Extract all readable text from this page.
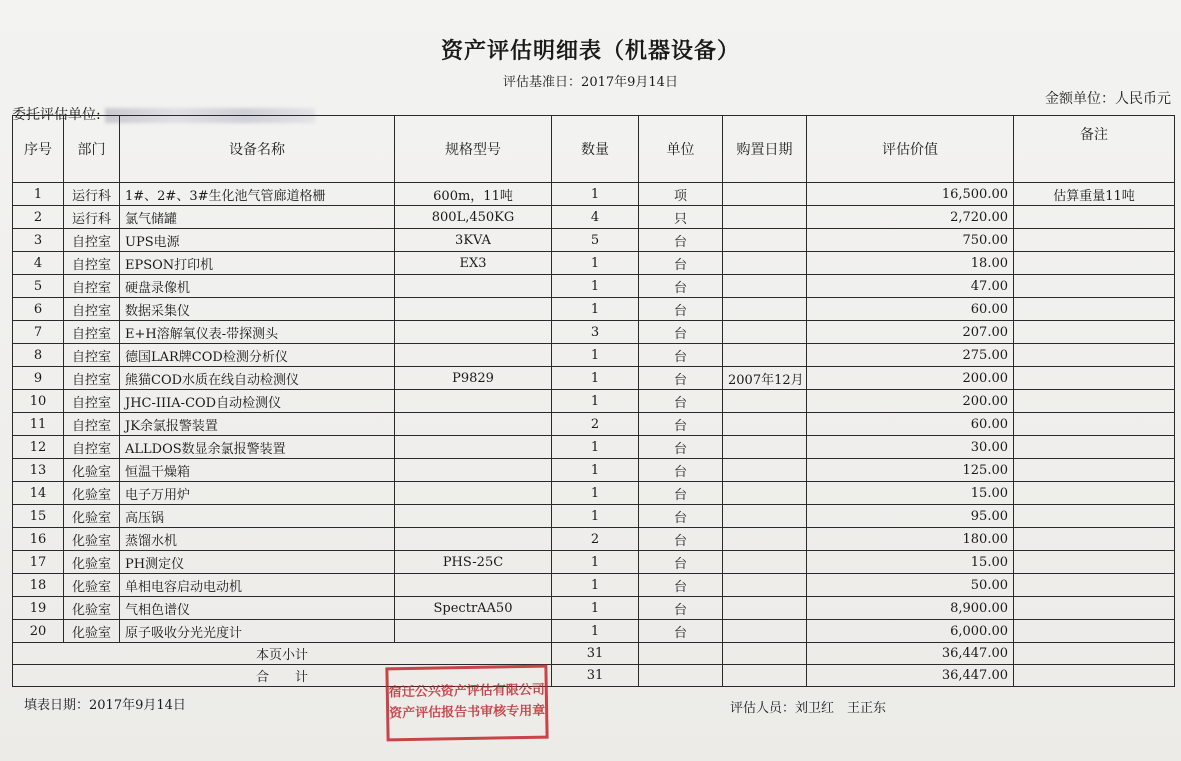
资产评估明细表（机器设备）
评估基准日：2017年9月14日
委托评估单位:
金额单位：人民币元
序号	部门	设备名称	规格型号	数量	单位	购置日期	评估价值	备注
1	运行科	1#、2#、3#生化池气管廊道格栅	600m，11吨	1	项		16,500.00	估算重量11吨
2	运行科	氯气储罐	800L,450KG	4	只		2,720.00	
3	自控室	UPS电源	3KVA	5	台		750.00	
4	自控室	EPSON打印机	EX3	1	台		18.00	
5	自控室	硬盘录像机		1	台		47.00	
6	自控室	数据采集仪		1	台		60.00	
7	自控室	E+H溶解氧仪表-带探测头		3	台		207.00	
8	自控室	德国LAR牌COD检测分析仪		1	台		275.00	
9	自控室	熊猫COD水质在线自动检测仪	P9829	1	台	2007年12月	200.00	
10	自控室	JHC-IIIA-COD自动检测仪		1	台		200.00	
11	自控室	JK余氯报警装置		2	台		60.00	
12	自控室	ALLDOS数显余氯报警装置		1	台		30.00	
13	化验室	恒温干燥箱		1	台		125.00	
14	化验室	电子万用炉		1	台		15.00	
15	化验室	高压锅		1	台		95.00	
16	化验室	蒸馏水机		2	台		180.00	
17	化验室	PH测定仪	PHS-25C	1	台		15.00	
18	化验室	单相电容启动电动机		1	台		50.00	
19	化验室	气相色谱仪	SpectrAA50	1	台		8,900.00	
20	化验室	原子吸收分光光度计		1	台		6,000.00	
本页小计				31			36,447.00	
合　　计				31			36,447.00	
填表日期：2017年9月14日	评估人员：刘卫红　王正东
宿迁公兴资产评估有限公司
资产评估报告书审核专用章
